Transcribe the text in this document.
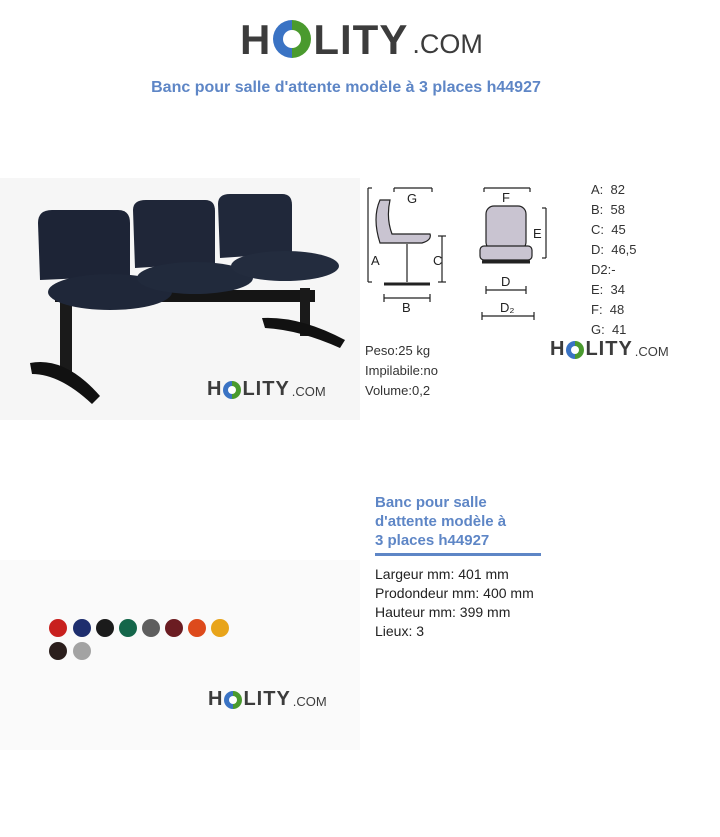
H LITY .COM
Banc pour salle d'attente modèle à 3 places h44927
H LITY .COM
G
A	C
B
F
E
D
D₂
A:  82
B:  58
C:  45
D:  46,5
D2:-
E:  34
F:  48
G:  41
Peso:25 kg
Impilabile:no
Volume:0,2
H LITY .COM
H LITY .COM
Banc pour salle
d'attente modèle à
3 places h44927
Largeur mm: 401 mm
Prodondeur mm: 400 mm
Hauteur mm: 399 mm
Lieux: 3
